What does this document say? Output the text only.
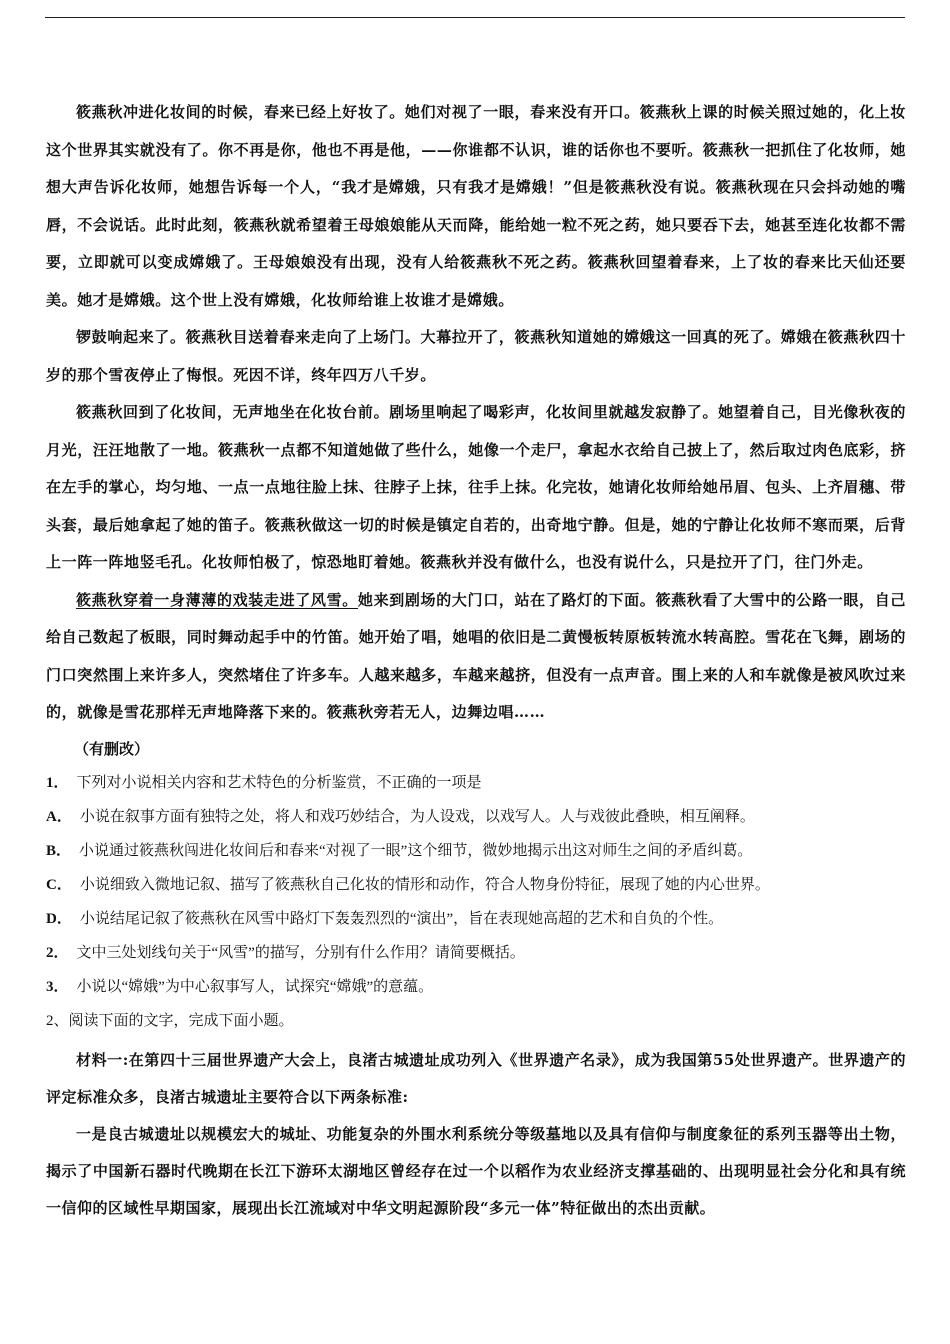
筱燕秋冲进化妆间的时候，春来已经上好妆了。她们对视了一眼，春来没有开口。筱燕秋上课的时候关照过她的，化上妆这个世界其实就没有了。你不再是你，他也不再是他，——你谁都不认识，谁的话你也不要听。筱燕秋一把抓住了化妆师，她想大声告诉化妆师，她想告诉每一个人，“我才是嫦娥，只有我才是嫦娥！”但是筱燕秋没有说。筱燕秋现在只会抖动她的嘴唇，不会说话。此时此刻，筱燕秋就希望着王母娘娘能从天而降，能给她一粒不死之药，她只要吞下去，她甚至连化妆都不需要，立即就可以变成嫦娥了。王母娘娘没有出现，没有人给筱燕秋不死之药。筱燕秋回望着春来，上了妆的春来比天仙还要美。她才是嫦娥。这个世上没有嫦娥，化妆师给谁上妆谁才是嫦娥。

锣鼓响起来了。筱燕秋目送着春来走向了上场门。大幕拉开了，筱燕秋知道她的嫦娥这一回真的死了。嫦娥在筱燕秋四十岁的那个雪夜停止了悔恨。死因不详，终年四万八千岁。

筱燕秋回到了化妆间，无声地坐在化妆台前。剧场里响起了喝彩声，化妆间里就越发寂静了。她望着自己，目光像秋夜的月光，汪汪地散了一地。筱燕秋一点都不知道她做了些什么，她像一个走尸，拿起水衣给自己披上了，然后取过肉色底彩，挤在左手的掌心，均匀地、一点一点地往脸上抹、往脖子上抹，往手上抹。化完妆，她请化妆师给她吊眉、包头、上齐眉穗、带头套，最后她拿起了她的笛子。筱燕秋做这一切的时候是镇定自若的，出奇地宁静。但是，她的宁静让化妆师不寒而栗，后背上一阵一阵地竖毛孔。化妆师怕极了，惊恐地盯着她。筱燕秋并没有做什么，也没有说什么，只是拉开了门，往门外走。

筱燕秋穿着一身薄薄的戏装走进了风雪。她来到剧场的大门口，站在了路灯的下面。筱燕秋看了大雪中的公路一眼，自己给自己数起了板眼，同时舞动起手中的竹笛。她开始了唱，她唱的依旧是二黄慢板转原板转流水转高腔。雪花在飞舞，剧场的门口突然围上来许多人，突然堵住了许多车。人越来越多，车越来越挤，但没有一点声音。围上来的人和车就像是被风吹过来的，就像是雪花那样无声地降落下来的。筱燕秋旁若无人，边舞边唱……

（有删改）

1． 下列对小说相关内容和艺术特色的分析鉴赏，不正确的一项是

A． 小说在叙事方面有独特之处，将人和戏巧妙结合，为人设戏，以戏写人。人与戏彼此叠映，相互阐释。

B． 小说通过筱燕秋闯进化妆间后和春来“对视了一眼”这个细节，微妙地揭示出这对师生之间的矛盾纠葛。

C． 小说细致入微地记叙、描写了筱燕秋自己化妆的情形和动作，符合人物身份特征，展现了她的内心世界。

D． 小说结尾记叙了筱燕秋在风雪中路灯下轰轰烈烈的“演出”，旨在表现她高超的艺术和自负的个性。

2． 文中三处划线句关于“风雪”的描写，分别有什么作用？请简要概括。

3． 小说以“嫦娥”为中心叙事写人，试探究“嫦娥”的意蕴。

2、阅读下面的文字，完成下面小题。

材料一:在第四十三届世界遗产大会上，良渚古城遗址成功列入《世界遗产名录》，成为我国第55处世界遗产。世界遗产的评定标准众多，良渚古城遗址主要符合以下两条标准:

一是良古城遗址以规模宏大的城址、功能复杂的外围水利系统分等级墓地以及具有信仰与制度象征的系列玉器等出土物，揭示了中国新石器时代晚期在长江下游环太湖地区曾经存在过一个以稻作为农业经济支撑基础的、出现明显社会分化和具有统一信仰的区域性早期国家，展现出长江流域对中华文明起源阶段“多元一体”特征做出的杰出贡献。
